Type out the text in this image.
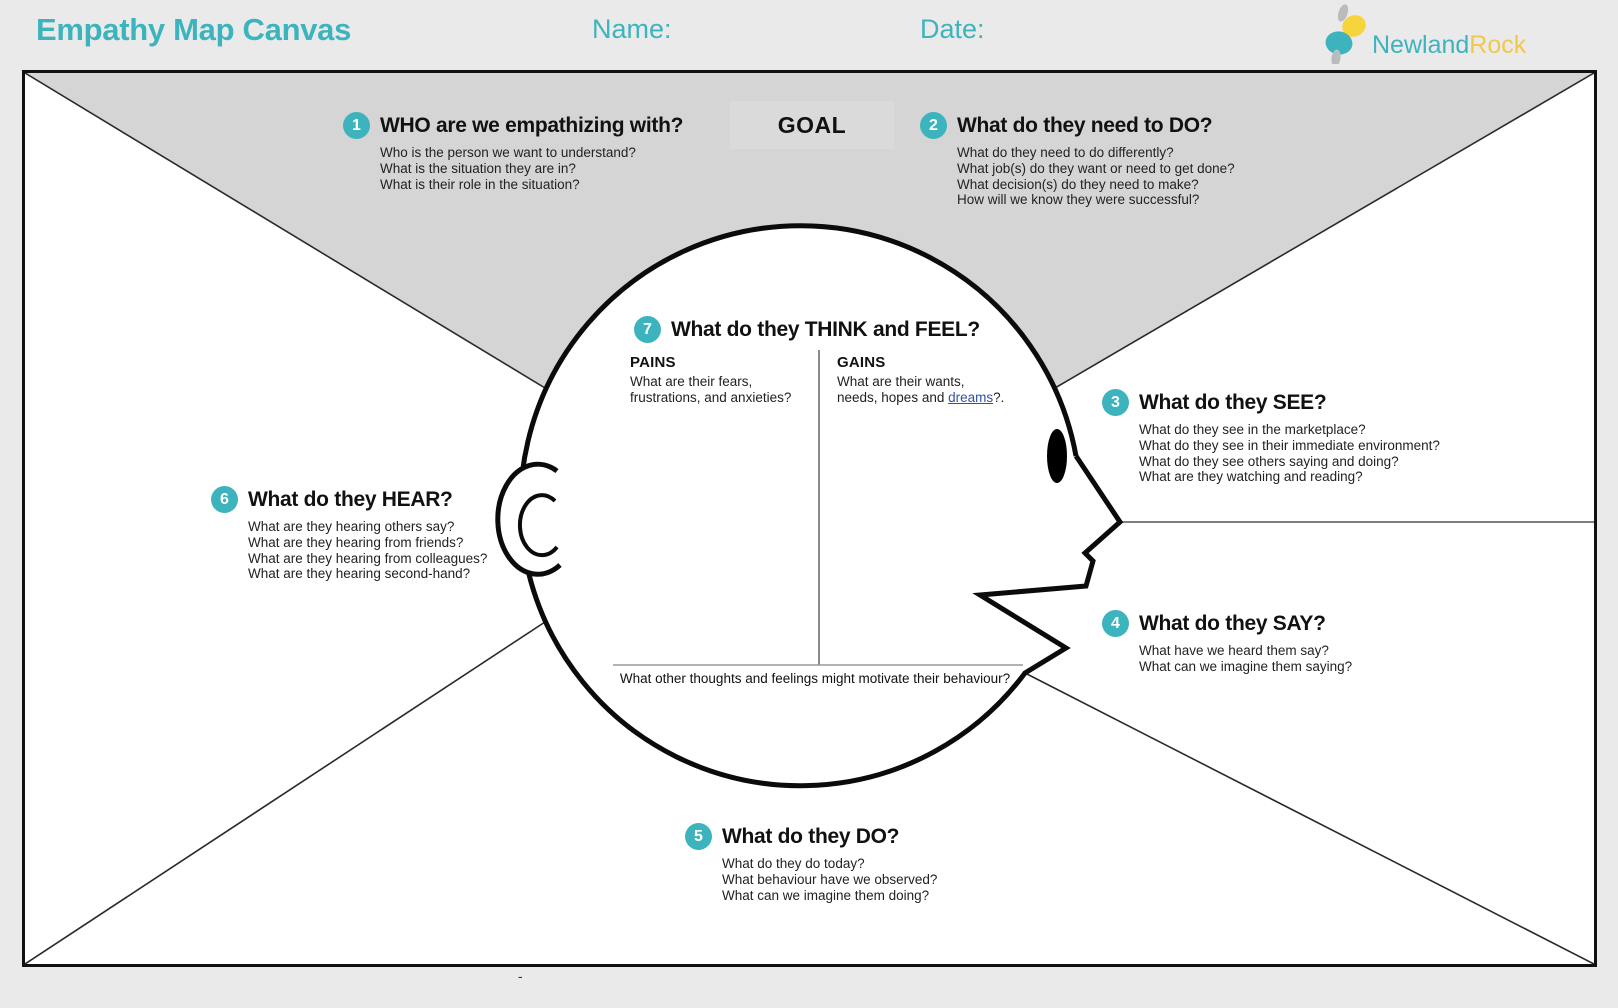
Empathy Map Canvas	Name:	Date:
NewlandRock
GOAL
1 WHO are we empathizing with?
Who is the person we want to understand?
What is the situation they are in?
What is their role in the situation?
2 What do they need to DO?
What do they need to do differently?
What job(s) do they want or need to get done?
What decision(s) do they need to make?
How will we know they were successful?
7 What do they THINK and FEEL?
PAINS
What are their fears,
frustrations, and anxieties?
GAINS
What are their wants,
needs, hopes and dreams?.
What other thoughts and feelings might motivate their behaviour?
3 What do they SEE?
What do they see in the marketplace?
What do they see in their immediate environment?
What do they see others saying and doing?
What are they watching and reading?
4 What do they SAY?
What have we heard them say?
What can we imagine them saying?
6 What do they HEAR?
What are they hearing others say?
What are they hearing from friends?
What are they hearing from colleagues?
What are they hearing second-hand?
5 What do they DO?
What do they do today?
What behaviour have we observed?
What can we imagine them doing?
-
